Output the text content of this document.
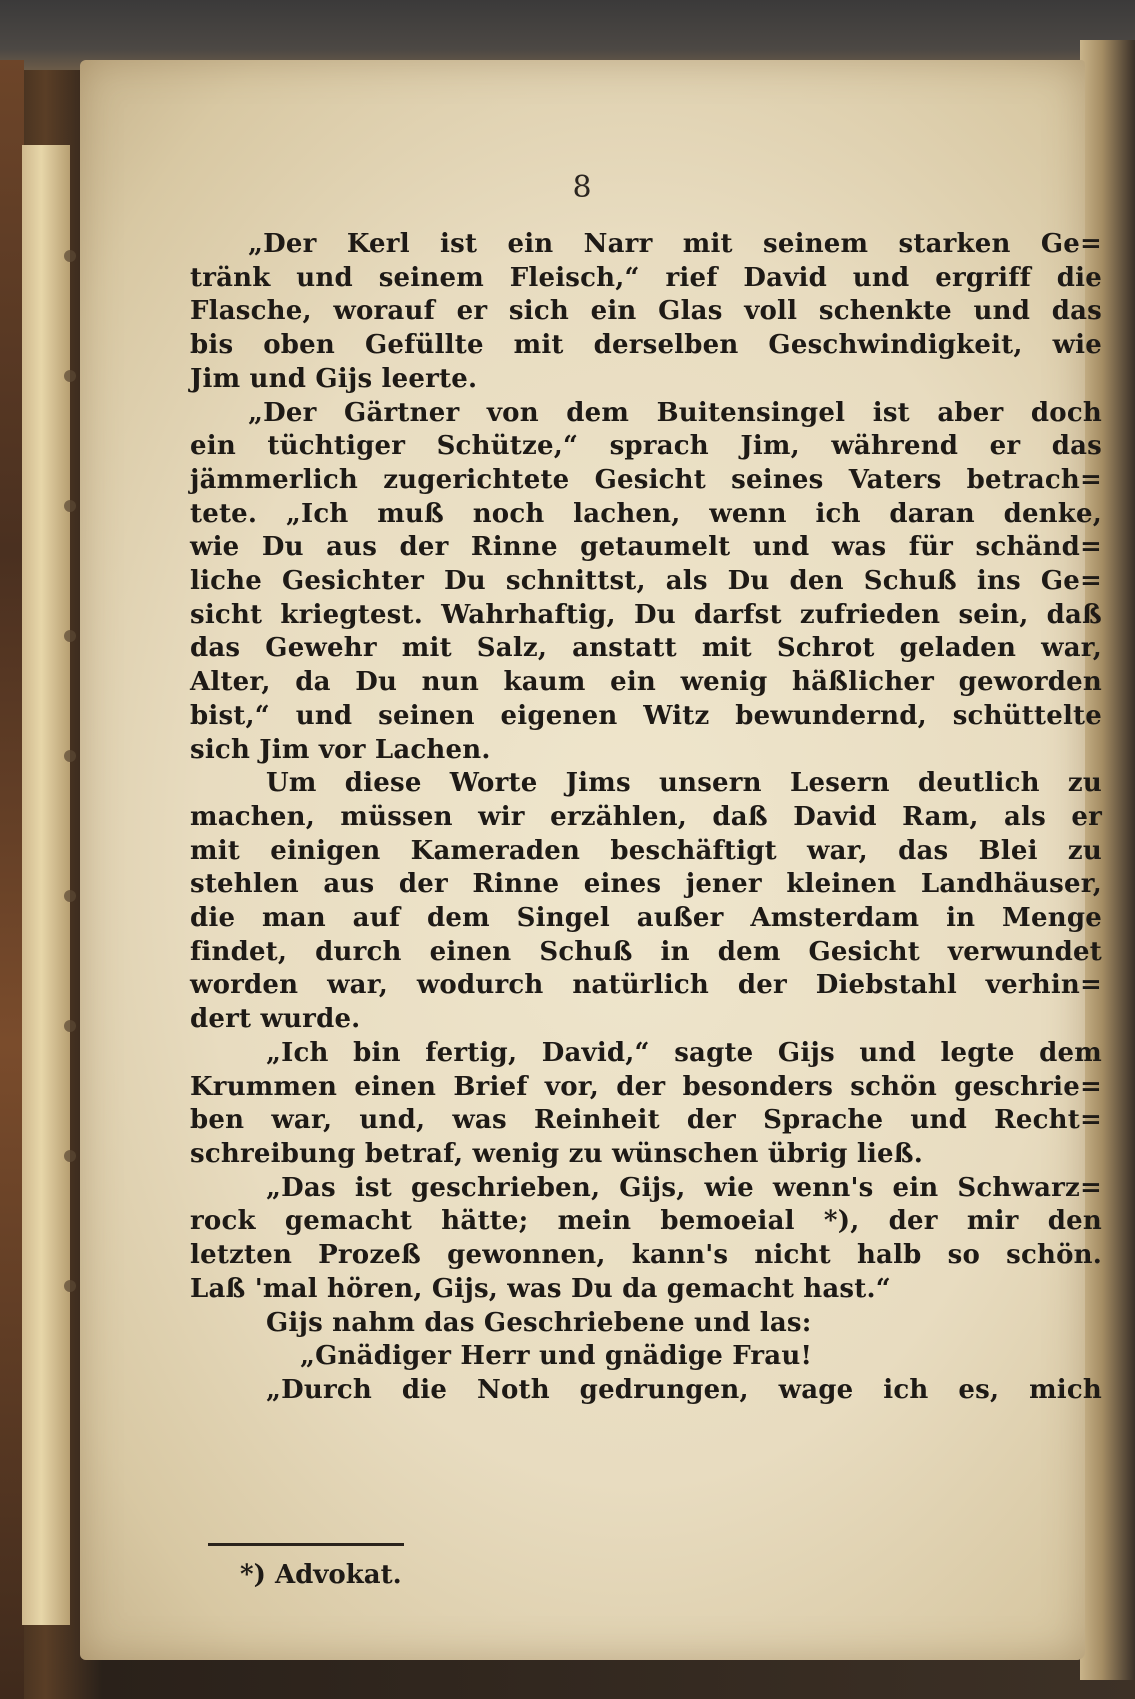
8
„Der Kerl ist ein Narr mit seinem starken Ge=
tränk und seinem Fleisch,“ rief David und ergriff die
Flasche, worauf er sich ein Glas voll schenkte und das
bis oben Gefüllte mit derselben Geschwindigkeit, wie
Jim und Gijs leerte.
„Der Gärtner von dem Buitensingel ist aber doch
ein tüchtiger Schütze,“ sprach Jim, während er das
jämmerlich zugerichtete Gesicht seines Vaters betrach=
tete. „Ich muß noch lachen, wenn ich daran denke,
wie Du aus der Rinne getaumelt und was für schänd=
liche Gesichter Du schnittst, als Du den Schuß ins Ge=
sicht kriegtest. Wahrhaftig, Du darfst zufrieden sein, daß
das Gewehr mit Salz, anstatt mit Schrot geladen war,
Alter, da Du nun kaum ein wenig häßlicher geworden
bist,“ und seinen eigenen Witz bewundernd, schüttelte
sich Jim vor Lachen.
Um diese Worte Jims unsern Lesern deutlich zu
machen, müssen wir erzählen, daß David Ram, als er
mit einigen Kameraden beschäftigt war, das Blei zu
stehlen aus der Rinne eines jener kleinen Landhäuser,
die man auf dem Singel außer Amsterdam in Menge
findet, durch einen Schuß in dem Gesicht verwundet
worden war, wodurch natürlich der Diebstahl verhin=
dert wurde.
„Ich bin fertig, David,“ sagte Gijs und legte dem
Krummen einen Brief vor, der besonders schön geschrie=
ben war, und, was Reinheit der Sprache und Recht=
schreibung betraf, wenig zu wünschen übrig ließ.
„Das ist geschrieben, Gijs, wie wenn's ein Schwarz=
rock gemacht hätte; mein bemoeial *), der mir den
letzten Prozeß gewonnen, kann's nicht halb so schön.
Laß 'mal hören, Gijs, was Du da gemacht hast.“
Gijs nahm das Geschriebene und las:
„Gnädiger Herr und gnädige Frau!
„Durch die Noth gedrungen, wage ich es, mich
*) Advokat.
